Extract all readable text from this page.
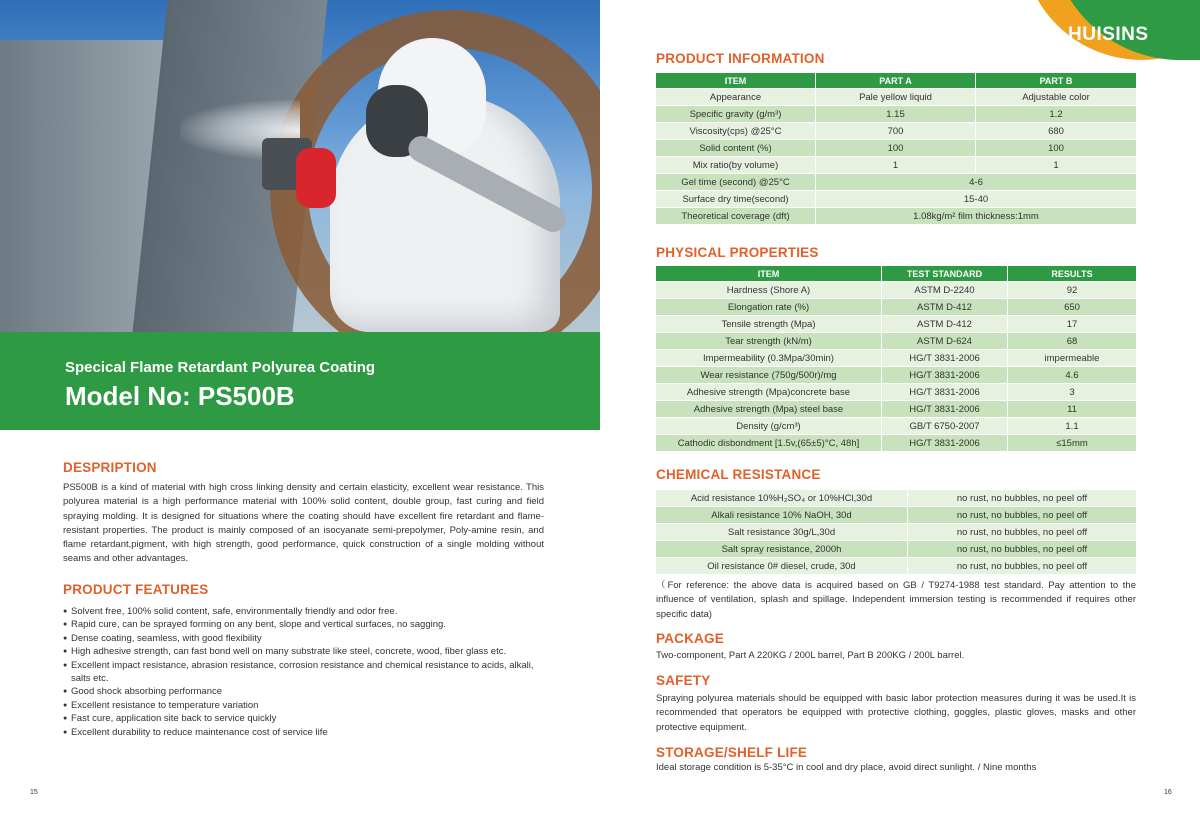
Specical Flame Retardant Polyurea Coating
Model No: PS500B
DESPRIPTION

PS500B is a kind of material with high cross linking density and certain elasticity, excellent wear resistance. This polyurea material is a high performance material with 100% solid content, double group, fast curing and field spraying molding. It is designed for situations where the coating should have excellent fire retardant and flame-resistant properties. The product is mainly composed of an isocyanate semi-prepolymer, Poly-amine resin, and flame retardant,pigment, with high strength, good performance, quick construction of a single molding without seams and other advantages.

PRODUCT FEATURES
● Solvent free, 100% solid content, safe, environmentally friendly and odor free.
● Rapid cure, can be sprayed forming on any bent, slope and vertical surfaces, no sagging.
● Dense coating, seamless, with good flexibility
● High adhesive strength, can fast bond well on many substrate like steel, concrete, wood, fiber glass etc.
● Excellent impact resistance, abrasion resistance, corrosion resistance and chemical resistance to acids, alkali, salts etc.
● Good shock absorbing performance
● Excellent resistance to temperature variation
● Fast cure, application site back to service quickly
● Excellent durability to reduce maintenance cost of service life
15
HUISINS
PRODUCT INFORMATION
ITEM	PART A	PART B
Appearance	Pale yellow liquid	Adjustable color
Specific gravity (g/m³)	1.15	1.2
Viscosity(cps) @25°C	700	680
Solid content (%)	100	100
Mix ratio(by volume)	1	1
Gel time (second) @25°C	4-6	
Surface dry time(second)	15-40	
Theoretical coverage (dft)	1.08kg/m² film thickness:1mm	
PHYSICAL PROPERTIES
ITEM	TEST STANDARD	RESULTS
Hardness (Shore A)	ASTM D-2240	92
Elongation rate (%)	ASTM D-412	650
Tensile strength (Mpa)	ASTM D-412	17
Tear strength (kN/m)	ASTM D-624	68
Impermeability (0.3Mpa/30min)	HG/T 3831-2006	impermeable
Wear resistance (750g/500r)/mg	HG/T 3831-2006	4.6
Adhesive strength (Mpa)concrete base	HG/T 3831-2006	3
Adhesive strength (Mpa) steel base	HG/T 3831-2006	11
Density (g/cm³)	GB/T 6750-2007	1.1
Cathodic disbondment [1.5v,(65±5)°C, 48h]	HG/T 3831-2006	≤15mm
CHEMICAL RESISTANCE
Acid resistance 10%H₂SO₄ or 10%HCl,30d	no rust, no bubbles, no peel off
Alkali resistance 10% NaOH, 30d	no rust, no bubbles, no peel off
Salt resistance 30g/L,30d	no rust, no bubbles, no peel off
Salt spray resistance, 2000h	no rust, no bubbles, no peel off
Oil resistance 0# diesel, crude, 30d	no rust, no bubbles, no peel off

（For reference: the above data is acquired based on GB / T9274-1988 test standard. Pay attention to the influence of ventilation, splash and spillage. Independent immersion testing is recommended if requires other specific data)

PACKAGE

Two-component, Part A 220KG / 200L barrel, Part B 200KG / 200L barrel.

SAFETY

Spraying polyurea materials should be equipped with basic labor protection measures during it was be used.It is recommended that operators be equipped with protective clothing, goggles, plastic gloves, masks and other protective equipment.

STORAGE/SHELF LIFE

Ideal storage condition is 5-35°C in cool and dry place, avoid direct sunlight. / Nine months

16
